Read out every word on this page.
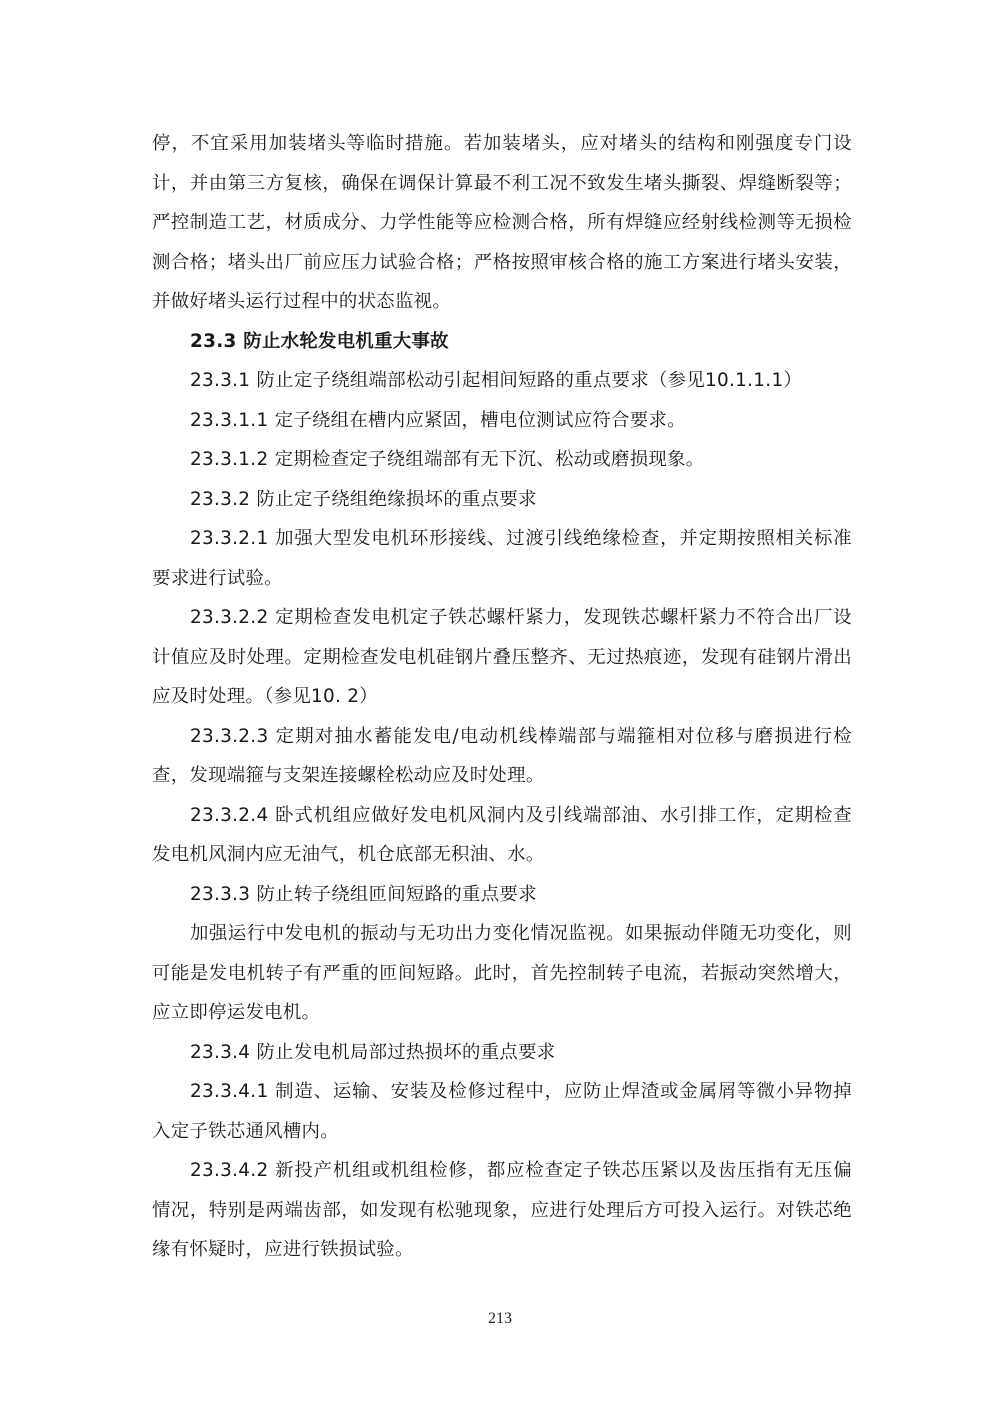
停，不宜采用加装堵头等临时措施。若加装堵头，应对堵头的结构和刚强度专门设计，并由第三方复核，确保在调保计算最不利工况不致发生堵头撕裂、焊缝断裂等；严控制造工艺，材质成分、力学性能等应检测合格，所有焊缝应经射线检测等无损检测合格；堵头出厂前应压力试验合格；严格按照审核合格的施工方案进行堵头安装，并做好堵头运行过程中的状态监视。

23.3 防止水轮发电机重大事故

23.3.1 防止定子绕组端部松动引起相间短路的重点要求（参见10.1.1.1）

23.3.1.1 定子绕组在槽内应紧固，槽电位测试应符合要求。

23.3.1.2 定期检查定子绕组端部有无下沉、松动或磨损现象。

23.3.2 防止定子绕组绝缘损坏的重点要求

23.3.2.1 加强大型发电机环形接线、过渡引线绝缘检查，并定期按照相关标准要求进行试验。

23.3.2.2 定期检查发电机定子铁芯螺杆紧力，发现铁芯螺杆紧力不符合出厂设计值应及时处理。定期检查发电机硅钢片叠压整齐、无过热痕迹，发现有硅钢片滑出应及时处理。（参见10. 2）

23.3.2.3 定期对抽水蓄能发电/电动机线棒端部与端箍相对位移与磨损进行检查，发现端箍与支架连接螺栓松动应及时处理。

23.3.2.4 卧式机组应做好发电机风洞内及引线端部油、水引排工作，定期检查发电机风洞内应无油气，机仓底部无积油、水。

23.3.3 防止转子绕组匝间短路的重点要求

加强运行中发电机的振动与无功出力变化情况监视。如果振动伴随无功变化，则可能是发电机转子有严重的匝间短路。此时，首先控制转子电流，若振动突然增大，应立即停运发电机。

23.3.4 防止发电机局部过热损坏的重点要求

23.3.4.1 制造、运输、安装及检修过程中，应防止焊渣或金属屑等微小异物掉入定子铁芯通风槽内。

23.3.4.2 新投产机组或机组检修，都应检查定子铁芯压紧以及齿压指有无压偏情况，特别是两端齿部，如发现有松驰现象，应进行处理后方可投入运行。对铁芯绝缘有怀疑时，应进行铁损试验。

213
